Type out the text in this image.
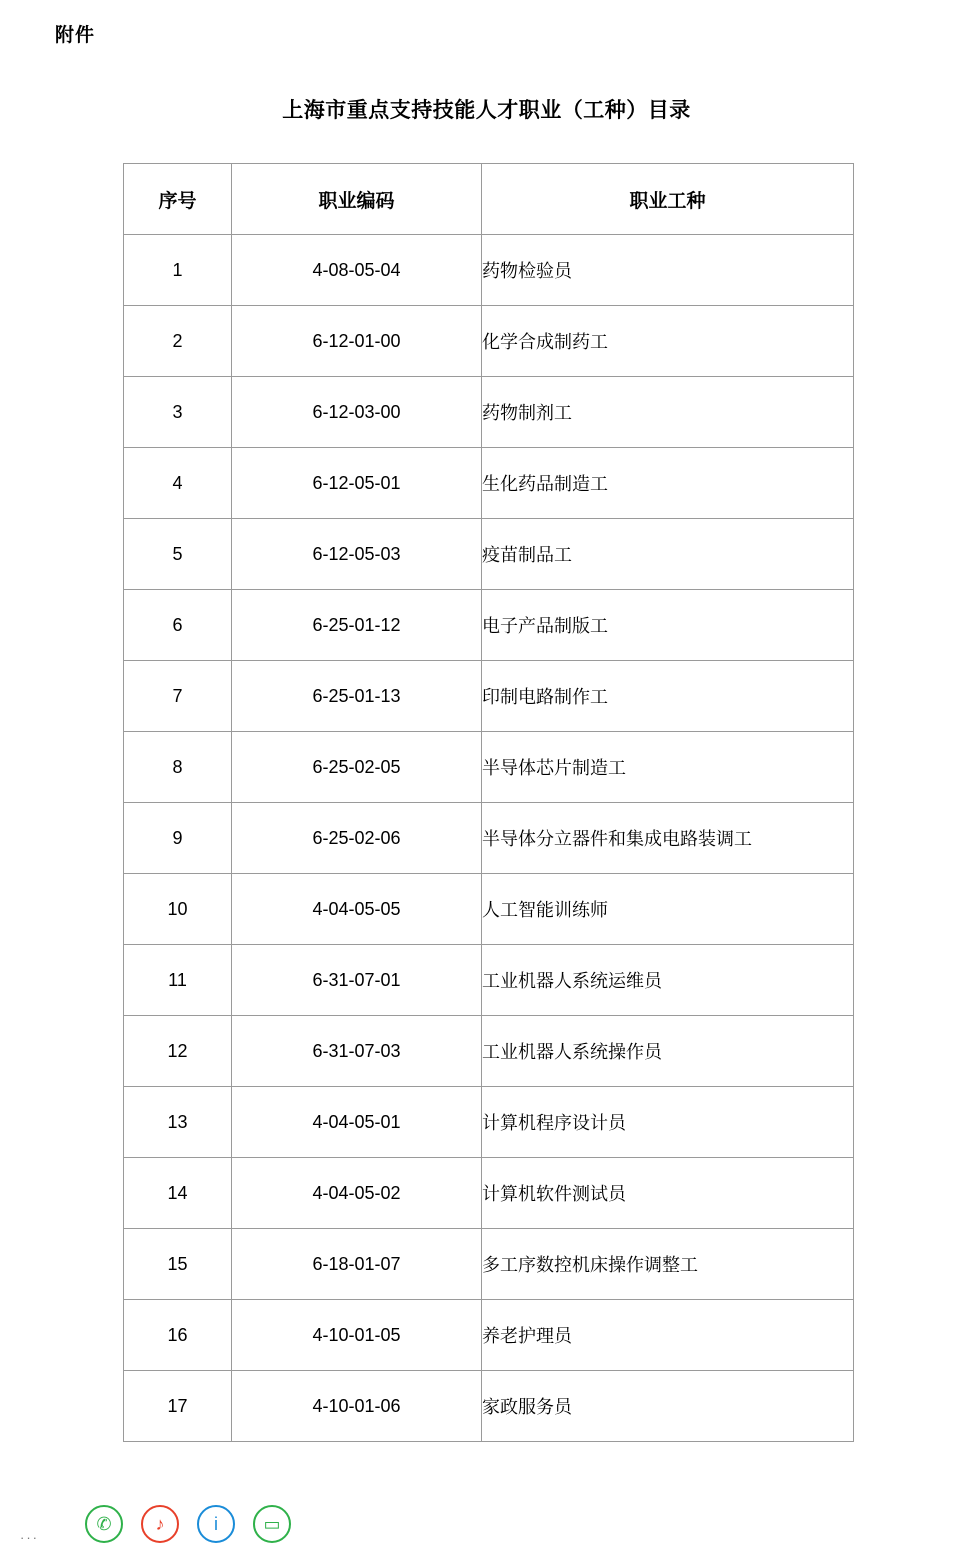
附件
上海市重点支持技能人才职业（工种）目录
序号	职业编码	职业工种
1	4-08-05-04	药物检验员
2	6-12-01-00	化学合成制药工
3	6-12-03-00	药物制剂工
4	6-12-05-01	生化药品制造工
5	6-12-05-03	疫苗制品工
6	6-25-01-12	电子产品制版工
7	6-25-01-13	印制电路制作工
8	6-25-02-05	半导体芯片制造工
9	6-25-02-06	半导体分立器件和集成电路装调工
10	4-04-05-05	人工智能训练师
11	6-31-07-01	工业机器人系统运维员
12	6-31-07-03	工业机器人系统操作员
13	4-04-05-01	计算机程序设计员
14	4-04-05-02	计算机软件测试员
15	6-18-01-07	多工序数控机床操作调整工
16	4-10-01-05	养老护理员
17	4-10-01-06	家政服务员
···
✆	♪	i	▭
